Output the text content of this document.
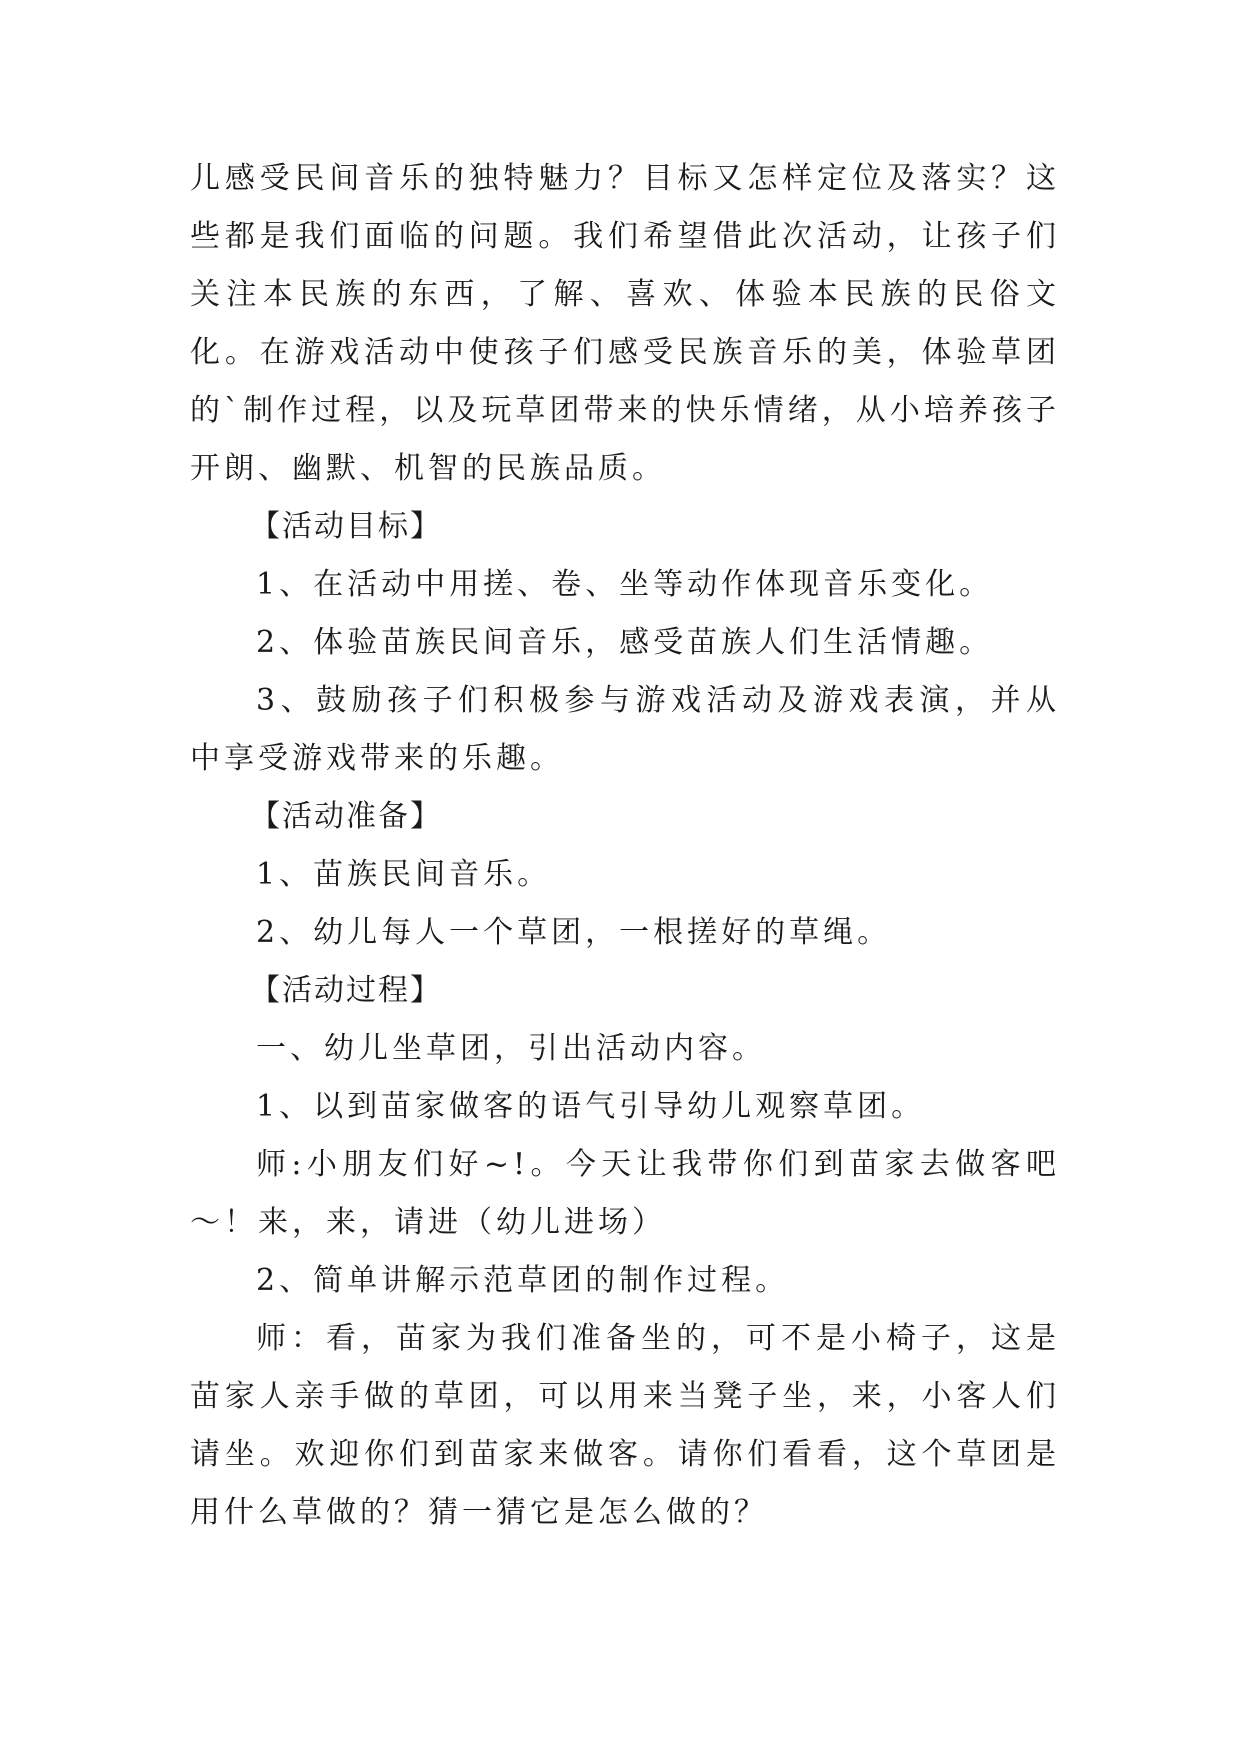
儿感受民间音乐的独特魅力？目标又怎样定位及落实？这些都是我们面临的问题。我们希望借此次活动，让孩子们关注本民族的东西，了解、喜欢、体验本民族的民俗文化。在游戏活动中使孩子们感受民族音乐的美，体验草团的`制作过程，以及玩草团带来的快乐情绪，从小培养孩子开朗、幽默、机智的民族品质。

【活动目标】

1、在活动中用搓、卷、坐等动作体现音乐变化。

2、体验苗族民间音乐，感受苗族人们生活情趣。

3、鼓励孩子们积极参与游戏活动及游戏表演，并从中享受游戏带来的乐趣。

【活动准备】

1、苗族民间音乐。

2、幼儿每人一个草团，一根搓好的草绳。

【活动过程】

一、幼儿坐草团，引出活动内容。

1、以到苗家做客的语气引导幼儿观察草团。

师:小朋友们好~!。今天让我带你们到苗家去做客吧～！来，来，请进（幼儿进场）

2、简单讲解示范草团的制作过程。

师：看，苗家为我们准备坐的，可不是小椅子，这是苗家人亲手做的草团，可以用来当凳子坐，来，小客人们请坐。欢迎你们到苗家来做客。请你们看看，这个草团是用什么草做的？猜一猜它是怎么做的？
